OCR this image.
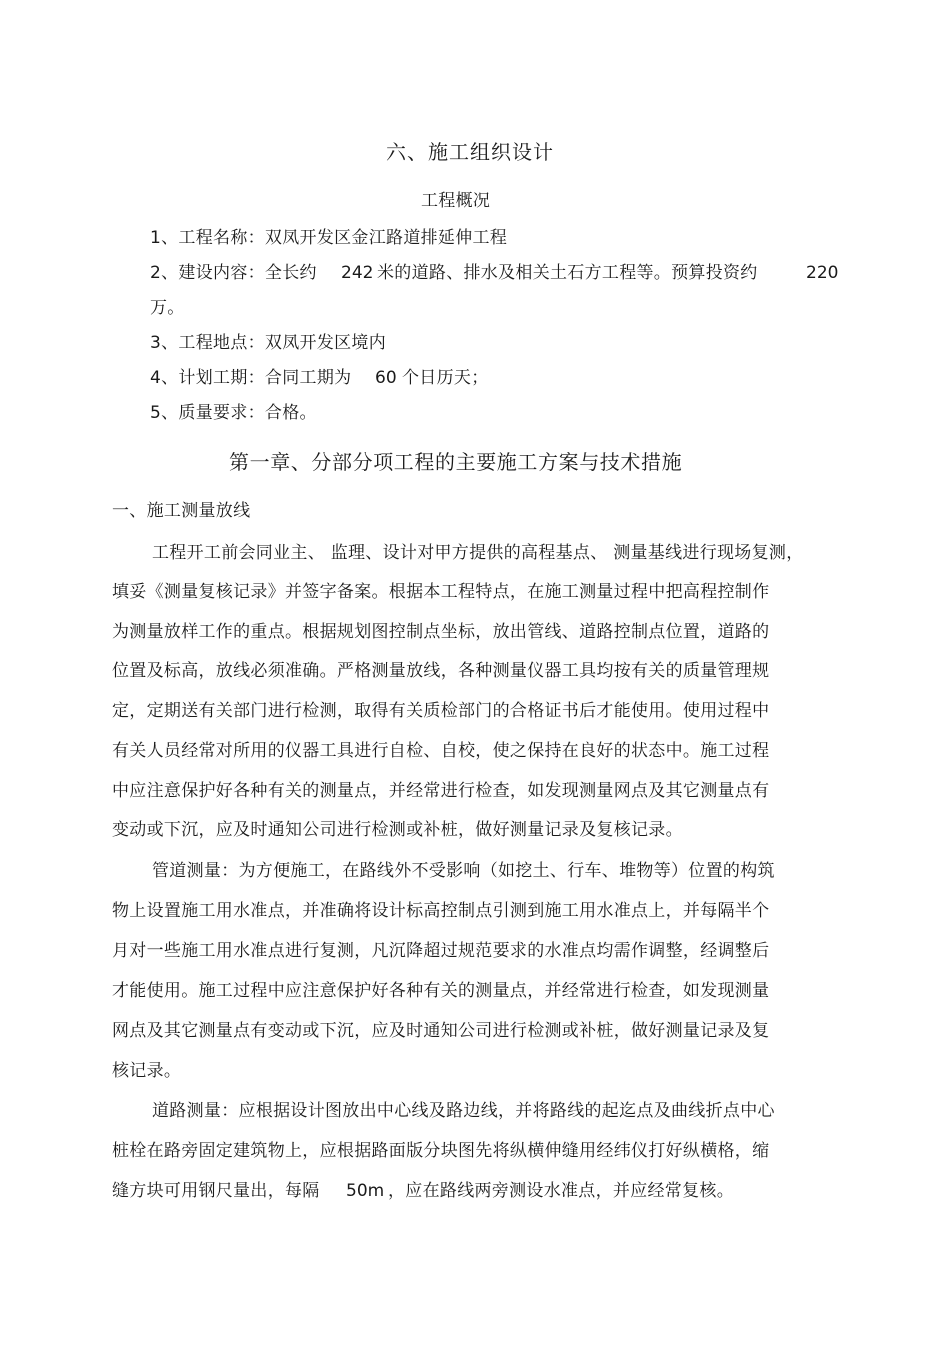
六、施工组织设计
工程概况
1、工程名称：双凤开发区金江路道排延伸工程
2、建设内容：全长约 242 米的道路、排水及相关土石方工程等。预算投资约	220
万。
3、工程地点：双凤开发区境内
4、计划工期：合同工期为 60 个日历天；
5、质量要求：合格。
第一章、分部分项工程的主要施工方案与技术措施
一、施工测量放线
工程开工前会同业主、 监理、设计对甲方提供的高程基点、 测量基线进行现场复测，
填妥《测量复核记录》并签字备案。根据本工程特点，在施工测量过程中把高程控制作
为测量放样工作的重点。根据规划图控制点坐标，放出管线、道路控制点位置，道路的
位置及标高，放线必须准确。严格测量放线，各种测量仪器工具均按有关的质量管理规
定，定期送有关部门进行检测，取得有关质检部门的合格证书后才能使用。使用过程中
有关人员经常对所用的仪器工具进行自检、自校，使之保持在良好的状态中。施工过程
中应注意保护好各种有关的测量点，并经常进行检查，如发现测量网点及其它测量点有
变动或下沉，应及时通知公司进行检测或补桩，做好测量记录及复核记录。
管道测量：为方便施工，在路线外不受影响（如挖土、行车、堆物等）位置的构筑
物上设置施工用水准点，并准确将设计标高控制点引测到施工用水准点上，并每隔半个
月对一些施工用水准点进行复测，凡沉降超过规范要求的水准点均需作调整，经调整后
才能使用。施工过程中应注意保护好各种有关的测量点，并经常进行检查，如发现测量
网点及其它测量点有变动或下沉，应及时通知公司进行检测或补桩，做好测量记录及复
核记录。
道路测量：应根据设计图放出中心线及路边线，并将路线的起迄点及曲线折点中心
桩栓在路旁固定建筑物上，应根据路面版分块图先将纵横伸缝用经纬仪打好纵横格，缩
缝方块可用钢尺量出，每隔 50m ，应在路线两旁测设水准点，并应经常复核。
